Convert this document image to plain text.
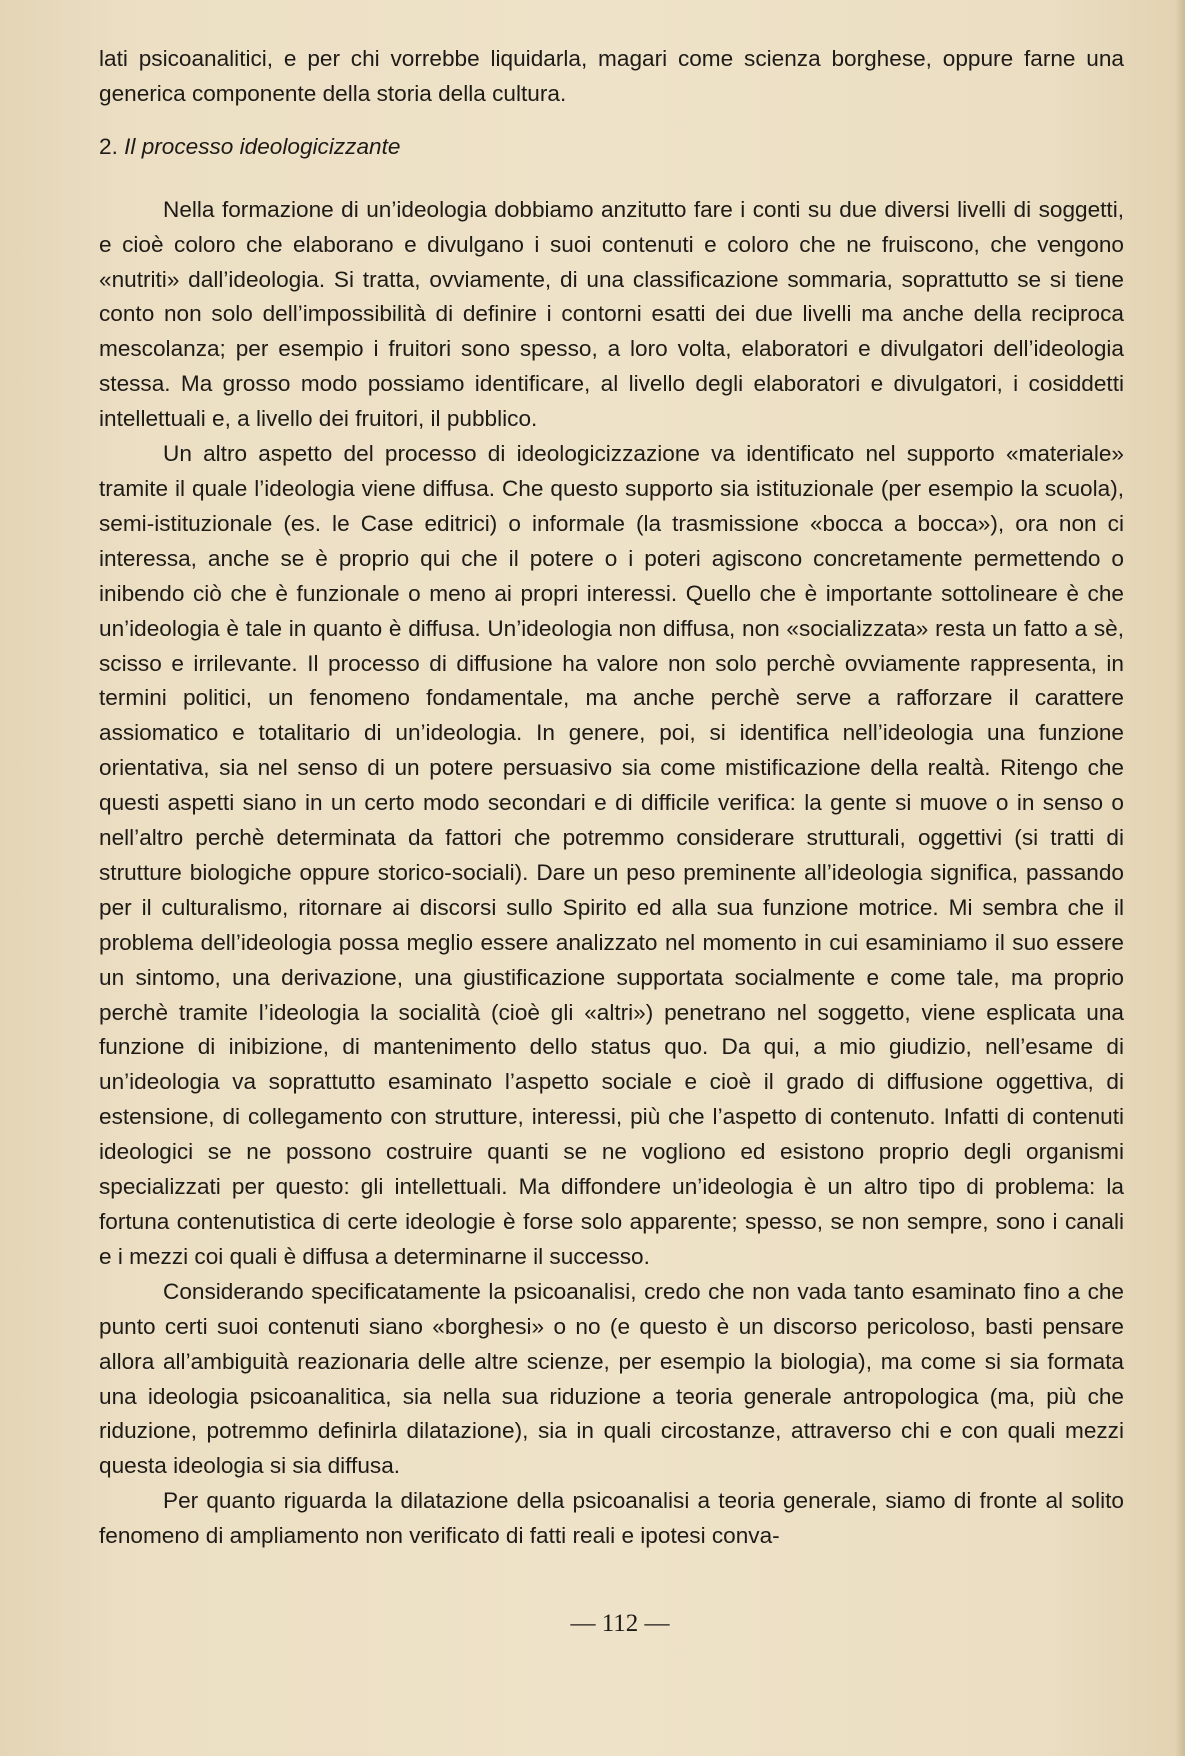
lati psicoanalitici, e per chi vorrebbe liquidarla, magari come scienza borghese, oppure farne una generica componente della storia della cultura.

2. Il processo ideologicizzante

Nella formazione di un’ideologia dobbiamo anzitutto fare i conti su due diversi livelli di soggetti, e cioè coloro che elaborano e divulgano i suoi contenuti e coloro che ne fruiscono, che vengono «nutriti» dall’ideologia. Si tratta, ovviamente, di una classificazione sommaria, soprattutto se si tiene conto non solo dell’impossibilità di definire i contorni esatti dei due livelli ma anche della reciproca mescolanza; per esempio i fruitori sono spesso, a loro volta, elaboratori e divulgatori dell’ideologia stessa. Ma grosso modo possiamo identificare, al livello degli elaboratori e divulgatori, i cosiddetti intellettuali e, a livello dei fruitori, il pubblico.

Un altro aspetto del processo di ideologicizzazione va identificato nel supporto «materiale» tramite il quale l’ideologia viene diffusa. Che questo supporto sia istituzionale (per esempio la scuola), semi-istituzionale (es. le Case editrici) o informale (la trasmissione «bocca a bocca»), ora non ci interessa, anche se è proprio qui che il potere o i poteri agiscono concretamente permettendo o inibendo ciò che è funzionale o meno ai propri interessi. Quello che è importante sottolineare è che un’ideologia è tale in quanto è diffusa. Un’ideologia non diffusa, non «socializzata» resta un fatto a sè, scisso e irrilevante. Il processo di diffusione ha valore non solo perchè ovviamente rappresenta, in termini politici, un fenomeno fondamentale, ma anche perchè serve a rafforzare il carattere assiomatico e totalitario di un’ideologia. In genere, poi, si identifica nell’ideologia una funzione orientativa, sia nel senso di un potere persuasivo sia come mistificazione della realtà. Ritengo che questi aspetti siano in un certo modo secondari e di difficile verifica: la gente si muove o in senso o nell’altro perchè determinata da fattori che potremmo considerare strutturali, oggettivi (si tratti di strutture biologiche oppure storico-sociali). Dare un peso preminente all’ideologia significa, passando per il culturalismo, ritornare ai discorsi sullo Spirito ed alla sua funzione motrice. Mi sembra che il problema dell’ideologia possa meglio essere analizzato nel momento in cui esaminiamo il suo essere un sintomo, una derivazione, una giustificazione supportata socialmente e come tale, ma proprio perchè tramite l’ideologia la socialità (cioè gli «altri») penetrano nel soggetto, viene esplicata una funzione di inibizione, di mantenimento dello status quo. Da qui, a mio giudizio, nell’esame di un’ideologia va soprattutto esaminato l’aspetto sociale e cioè il grado di diffusione oggettiva, di estensione, di collegamento con strutture, interessi, più che l’aspetto di contenuto. Infatti di contenuti ideologici se ne possono costruire quanti se ne vogliono ed esistono proprio degli organismi specializzati per questo: gli intellettuali. Ma diffondere un’ideologia è un altro tipo di problema: la fortuna contenutistica di certe ideologie è forse solo apparente; spesso, se non sempre, sono i canali e i mezzi coi quali è diffusa a determinarne il successo.

Considerando specificatamente la psicoanalisi, credo che non vada tanto esaminato fino a che punto certi suoi contenuti siano «borghesi» o no (e questo è un discorso pericoloso, basti pensare allora all’ambiguità reazionaria delle altre scienze, per esempio la biologia), ma come si sia formata una ideologia psicoanalitica, sia nella sua riduzione a teoria generale antropologica (ma, più che riduzione, potremmo definirla dilatazione), sia in quali circostanze, attraverso chi e con quali mezzi questa ideologia si sia diffusa.

Per quanto riguarda la dilatazione della psicoanalisi a teoria generale, siamo di fronte al solito fenomeno di ampliamento non verificato di fatti reali e ipotesi conva-

— 112 —
